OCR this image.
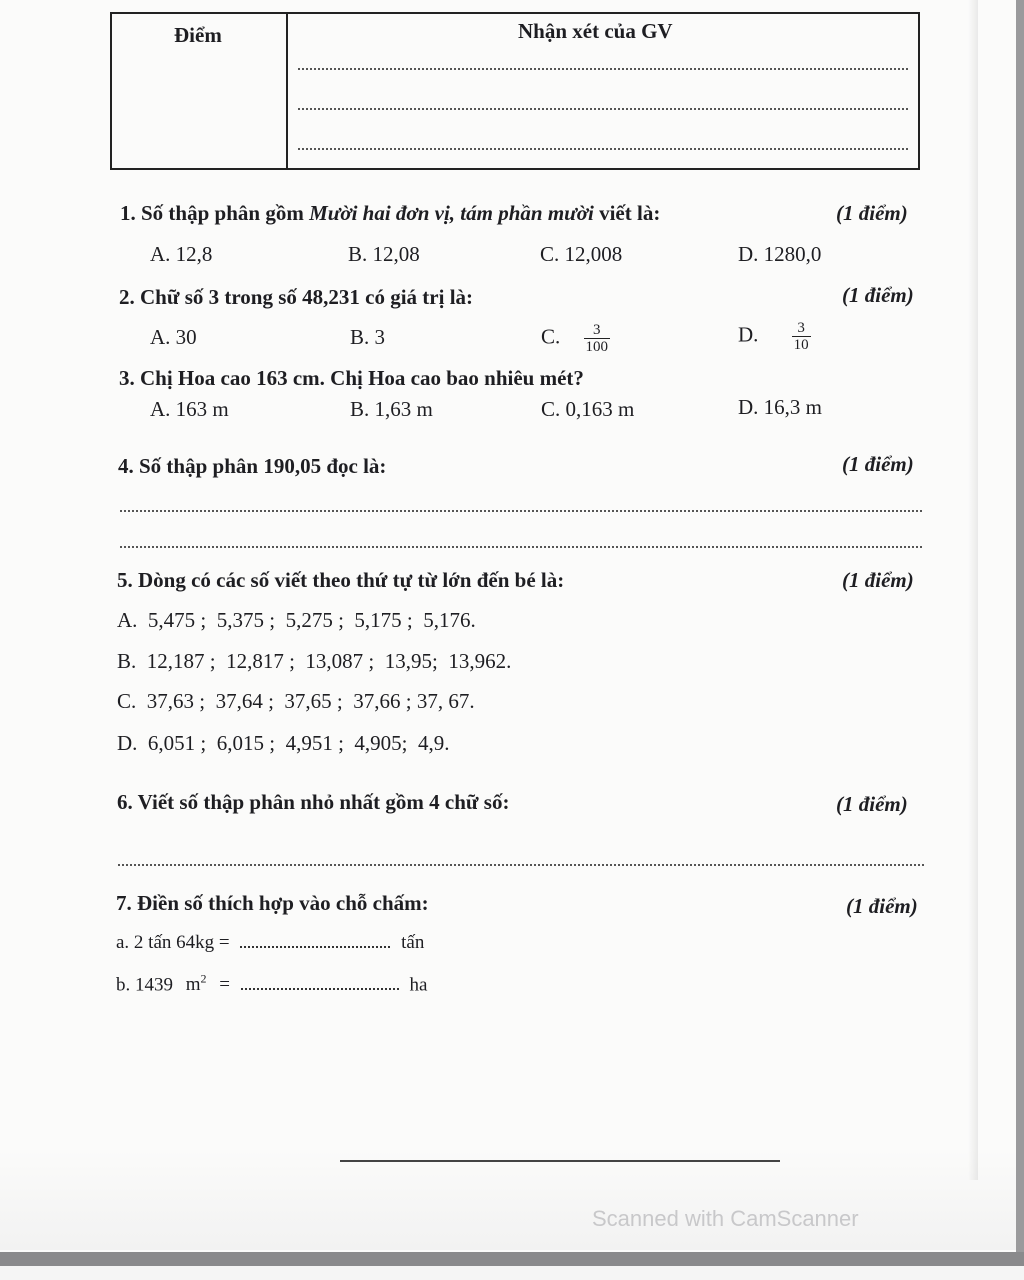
Điểm	Nhận xét của GV
1. Số thập phân gồm Mười hai đơn vị, tám phần mười viết là:	(1 điểm)
A. 12,8	B. 12,08	C. 12,008	D. 1280,0
2. Chữ số 3 trong số 48,231 có giá trị là:	(1 điểm)
A. 30	B. 3	C. $\frac{3}{100}$	D. $\frac{3}{10}$
3. Chị Hoa cao 163 cm. Chị Hoa cao bao nhiêu mét?
A. 163 m	B. 1,63 m	C. 0,163 m	D. 16,3 m
4. Số thập phân 190,05 đọc là:	(1 điểm)
5. Dòng có các số viết theo thứ tự từ lớn đến bé là:	(1 điểm)
A.  5,475 ;  5,375 ;  5,275 ;  5,175 ;  5,176.
B.  12,187 ;  12,817 ;  13,087 ;  13,95;  13,962.
C.  37,63 ;  37,64 ;  37,65 ;  37,66 ; 37, 67.
D.  6,051 ;  6,015 ;  4,951 ;  4,905;  4,9.
6. Viết số thập phân nhỏ nhất gồm 4 chữ số:	(1 điểm)
7. Điền số thích hợp vào chỗ chấm:	(1 điểm)
a. 2 tấn 64kg =	tấn
b. 1439 $m^2$ =	ha
Scanned with CamScanner
